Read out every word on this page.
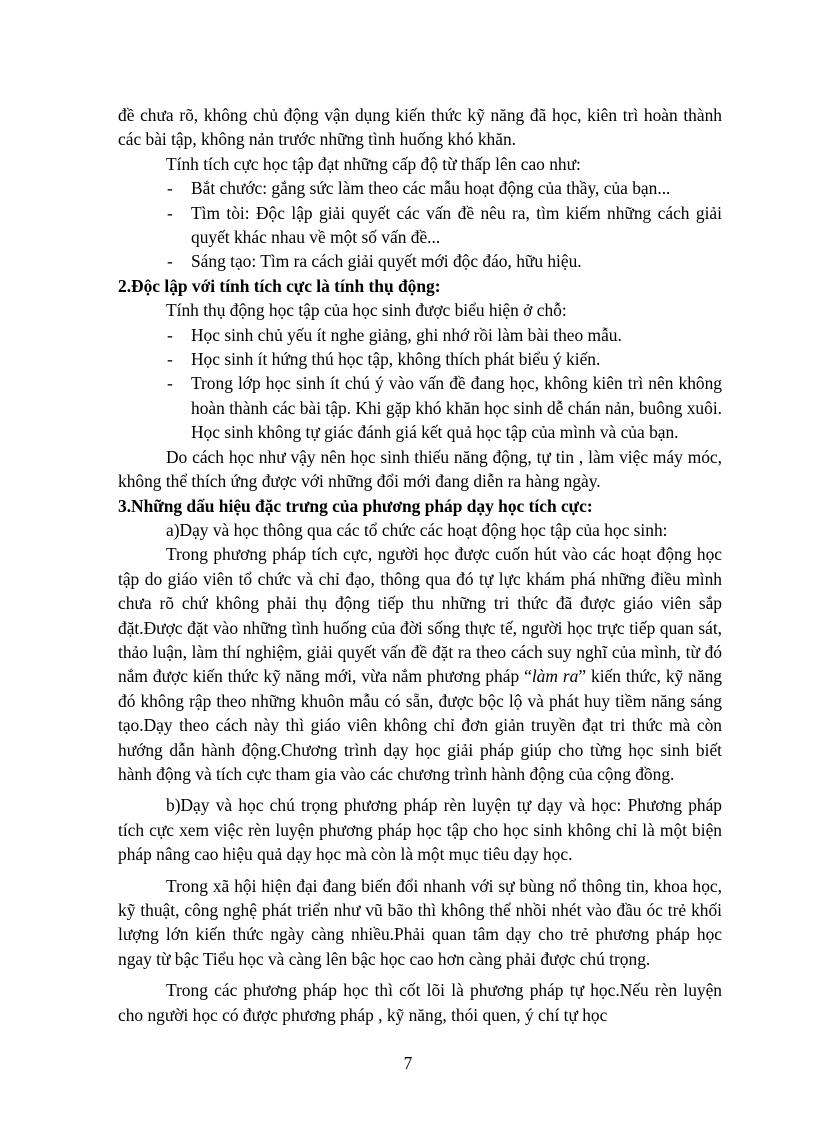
đề chưa rõ, không chủ động vận dụng kiến thức kỹ năng đã học, kiên trì hoàn thành các bài tập, không nản trước những tình huống khó khăn.

Tính tích cực học tập đạt những cấp độ từ thấp lên cao như:

- Bắt chước: gắng sức làm theo các mẫu hoạt động của thầy, của bạn...
- Tìm tòi: Độc lập giải quyết các vấn đề nêu ra, tìm kiếm những cách giải quyết khác nhau về một số vấn đề...
- Sáng tạo: Tìm ra cách giải quyết mới độc đáo, hữu hiệu.
2.Độc lập với tính tích cực là tính thụ động:

Tính thụ động học tập của học sinh được biểu hiện ở chỗ:

- Học sinh chủ yếu ít nghe giảng, ghi nhớ rồi làm bài theo mẫu.
- Học sinh ít hứng thú học tập, không thích phát biểu ý kiến.
- Trong lớp học sinh ít chú ý vào vấn đề đang học, không kiên trì nên không hoàn thành các bài tập. Khi gặp khó khăn học sinh dễ chán nản, buông xuôi. Học sinh không tự giác đánh giá kết quả học tập của mình và của bạn.

Do cách học như vậy nên học sinh thiếu năng động, tự tin , làm việc máy móc, không thể thích ứng được với những đổi mới đang diễn ra hàng ngày.

3.Những dấu hiệu đặc trưng của phương pháp dạy học tích cực:

a)Dạy và học thông qua các tổ chức các hoạt động học tập của học sinh:

Trong phương pháp tích cực, người học được cuốn hút vào các hoạt động học tập do giáo viên tổ chức và chỉ đạo, thông qua đó tự lực khám phá những điều mình chưa rõ chứ không phải thụ động tiếp thu những tri thức đã được giáo viên sắp đặt.Được đặt vào những tình huống của đời sống thực tế, người học trực tiếp quan sát, thảo luận, làm thí nghiệm, giải quyết vấn đề đặt ra theo cách suy nghĩ của mình, từ đó nắm được kiến thức kỹ năng mới, vừa nắm phương pháp “làm ra” kiến thức, kỹ năng đó không rập theo những khuôn mẫu có sẵn, được bộc lộ và phát huy tiềm năng sáng tạo.Dạy theo cách này thì giáo viên không chỉ đơn giản truyền đạt tri thức mà còn hướng dẫn hành động.Chương trình dạy học giải pháp giúp cho từng học sinh biết hành động và tích cực tham gia vào các chương trình hành động của cộng đồng.

b)Dạy và học chú trọng phương pháp rèn luyện tự dạy và học: Phương pháp tích cực xem việc rèn luyện phương pháp học tập cho học sinh không chỉ là một biện pháp nâng cao hiệu quả dạy học mà còn là một mục tiêu dạy học.

Trong xã hội hiện đại đang biến đổi nhanh với sự bùng nổ thông tin, khoa học, kỹ thuật, công nghệ phát triển như vũ bão thì không thể nhồi nhét vào đầu óc trẻ khối lượng lớn kiến thức ngày càng nhiều.Phải quan tâm dạy cho trẻ phương pháp học ngay từ bậc Tiểu học và càng lên bậc học cao hơn càng phải được chú trọng.

Trong các phương pháp học thì cốt lõi là phương pháp tự học.Nếu rèn luyện cho người học có được phương pháp , kỹ năng, thói quen, ý chí tự học

7
